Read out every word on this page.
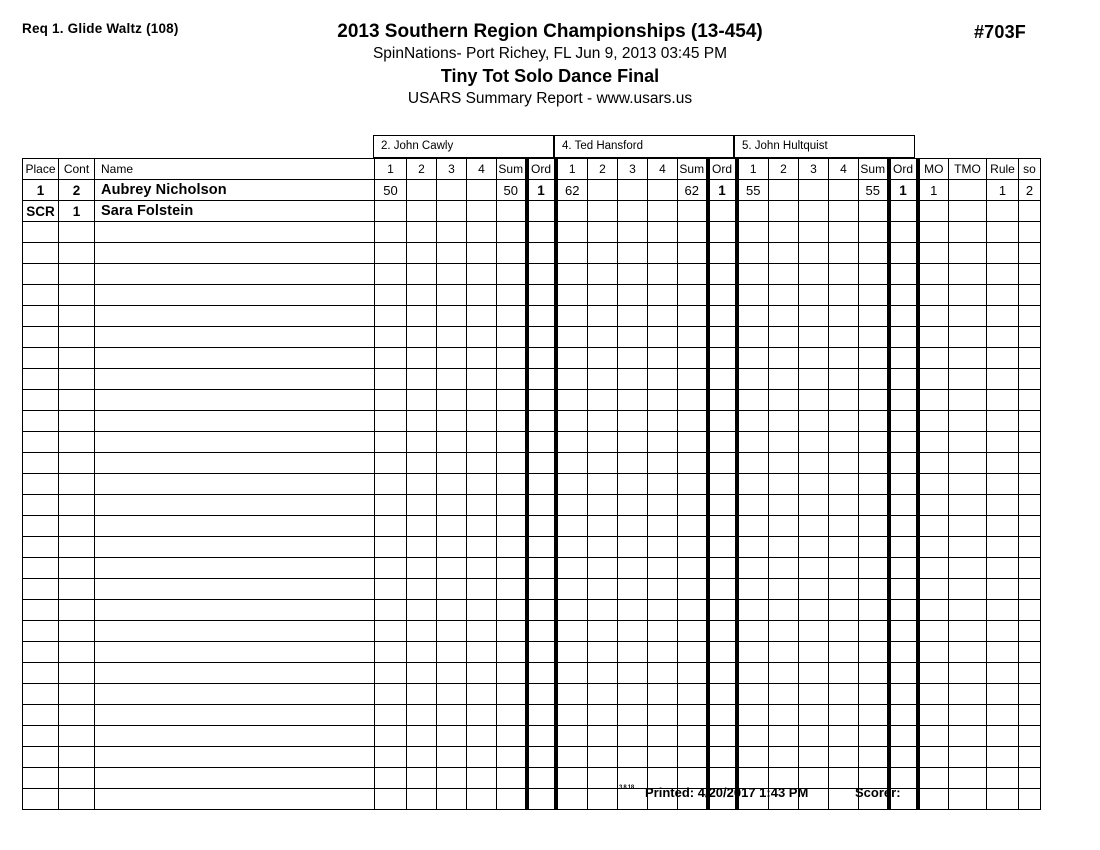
Req 1. Glide Waltz (108)	#703F
2013 Southern Region Championships (13-454)
SpinNations- Port Richey, FL Jun 9, 2013 03:45 PM
Tiny Tot Solo Dance Final
USARS Summary Report - www.usars.us
2. John Cawly	4. Ted Hansford	5. John Hultquist
Place	Cont	Name	1	2	3	4	Sum	Ord	1	2	3	4	Sum	Ord	1	2	3	4	Sum	Ord	MO	TMO	Rule	so
1	2	Aubrey Nicholson	50				50	1	62				62	1	55				55	1	1		1	2
SCR	1	Sara Folstein																						

3.8.18 Printed: 4/20/2017 1:43 PM	Scorer:
